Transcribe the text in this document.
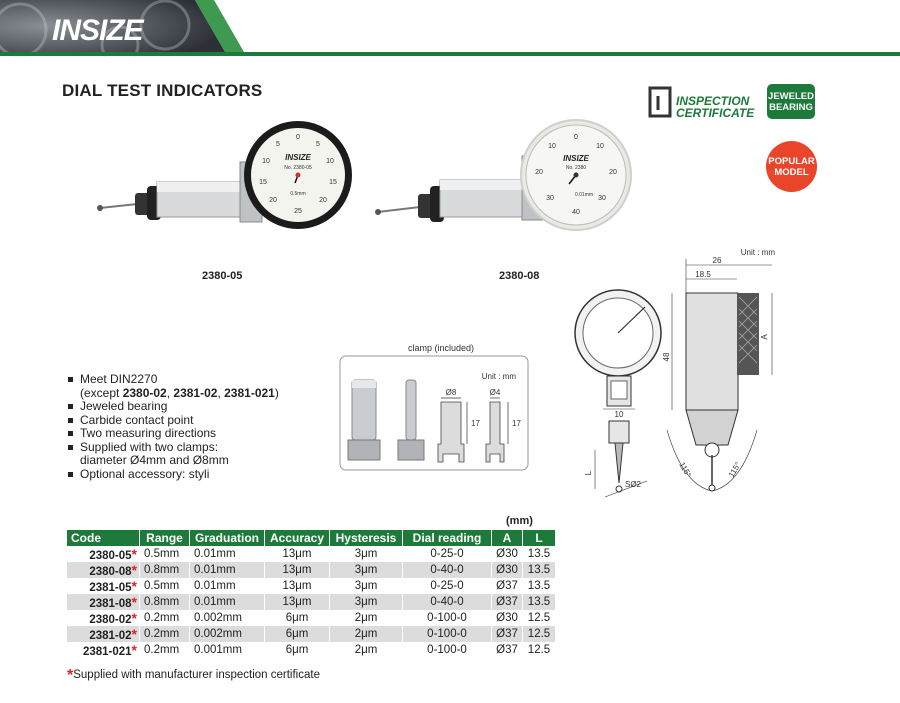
INSIZE
DIAL TEST INDICATORS
INSPECTION
CERTIFICATE
JEWELED
BEARING
POPULAR
MODEL
0
5
5
10
10
15
15
20
20
25
INSIZE
No. 2380-05
0.5mm
2380-05
0
10
10
20
20
30
30
40
INSIZE
No. 2380
0.01mm
2380-08
clamp (included)
Unit : mm
Ø8	Ø4
17	17
Unit : mm
26
18.5
48
A
10
L
SØ2
115°	115°
Meet DIN2270
(except 2380-02, 2381-02, 2381-021)
Jeweled bearing
Carbide contact point
Two measuring directions
Supplied with two clamps:
diameter Ø4mm and Ø8mm
Optional accessory: styli
(mm)
Code	Range	Graduation	Accuracy	Hysteresis	Dial reading	A	L
2380-05*	0.5mm	0.01mm	13μm	3μm	0-25-0	Ø30	13.5
2380-08*	0.8mm	0.01mm	13μm	3μm	0-40-0	Ø30	13.5
2381-05*	0.5mm	0.01mm	13μm	3μm	0-25-0	Ø37	13.5
2381-08*	0.8mm	0.01mm	13μm	3μm	0-40-0	Ø37	13.5
2380-02*	0.2mm	0.002mm	6μm	2μm	0-100-0	Ø30	12.5
2381-02*	0.2mm	0.002mm	6μm	2μm	0-100-0	Ø37	12.5
2381-021*	0.2mm	0.001mm	6μm	2μm	0-100-0	Ø37	12.5
*Supplied with manufacturer inspection certificate
